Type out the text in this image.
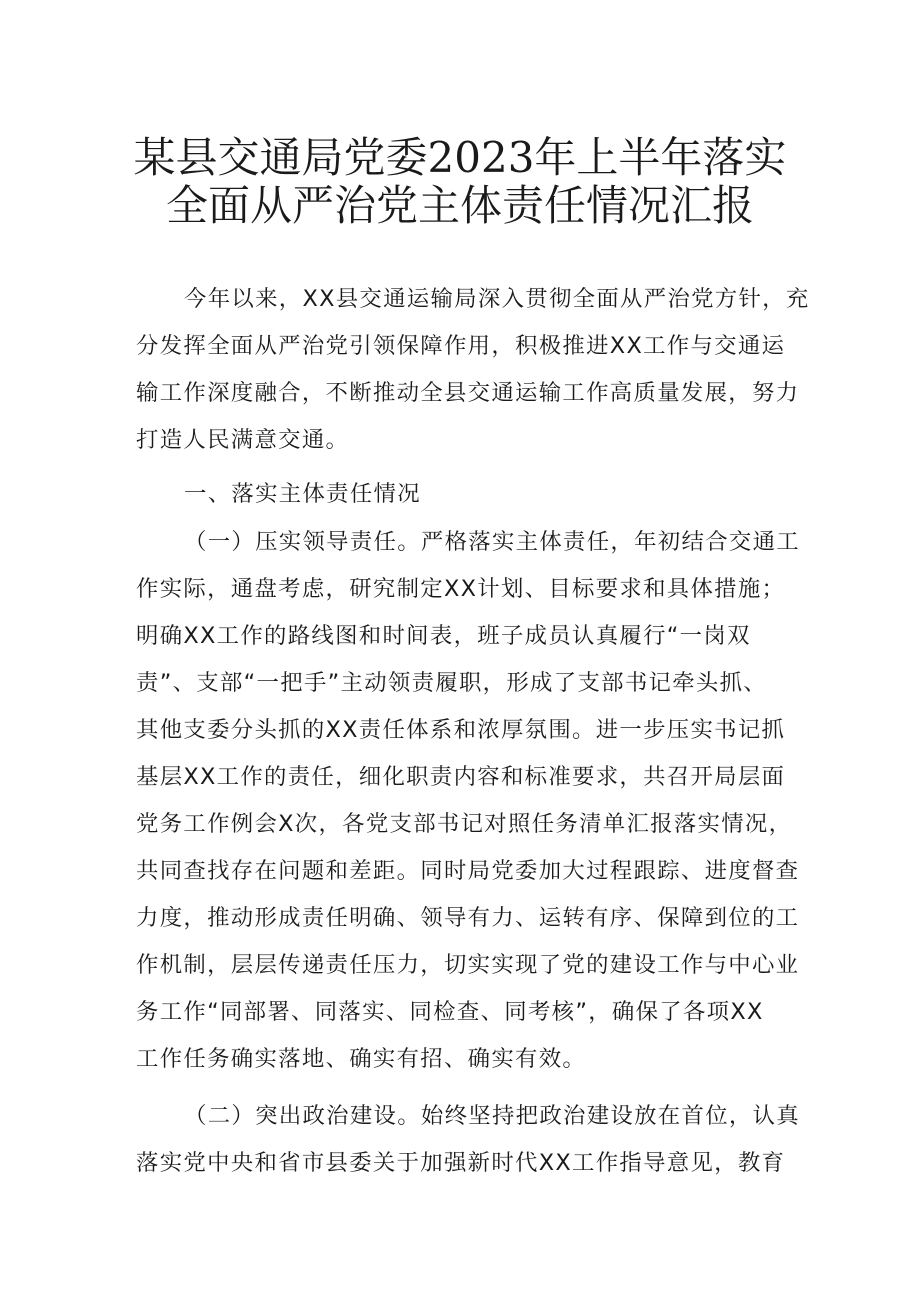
某县交通局党委2023年上半年落实
全面从严治党主体责任情况汇报
今年以来，XX县交通运输局深入贯彻全面从严治党方针，充
分发挥全面从严治党引领保障作用，积极推进XX工作与交通运
输工作深度融合，不断推动全县交通运输工作高质量发展，努力
打造人民满意交通。
一、落实主体责任情况
（一）压实领导责任。严格落实主体责任，年初结合交通工
作实际，通盘考虑，研究制定XX计划、目标要求和具体措施；
明确XX工作的路线图和时间表，班子成员认真履行“一岗双
责”、支部“一把手”主动领责履职，形成了支部书记牵头抓、
其他支委分头抓的XX责任体系和浓厚氛围。进一步压实书记抓
基层XX工作的责任，细化职责内容和标准要求，共召开局层面
党务工作例会X次，各党支部书记对照任务清单汇报落实情况，
共同查找存在问题和差距。同时局党委加大过程跟踪、进度督查
力度，推动形成责任明确、领导有力、运转有序、保障到位的工
作机制，层层传递责任压力，切实实现了党的建设工作与中心业
务工作“同部署、同落实、同检查、同考核”，确保了各项XX
工作任务确实落地、确实有招、确实有效。
（二）突出政治建设。始终坚持把政治建设放在首位，认真
落实党中央和省市县委关于加强新时代XX工作指导意见，教育
